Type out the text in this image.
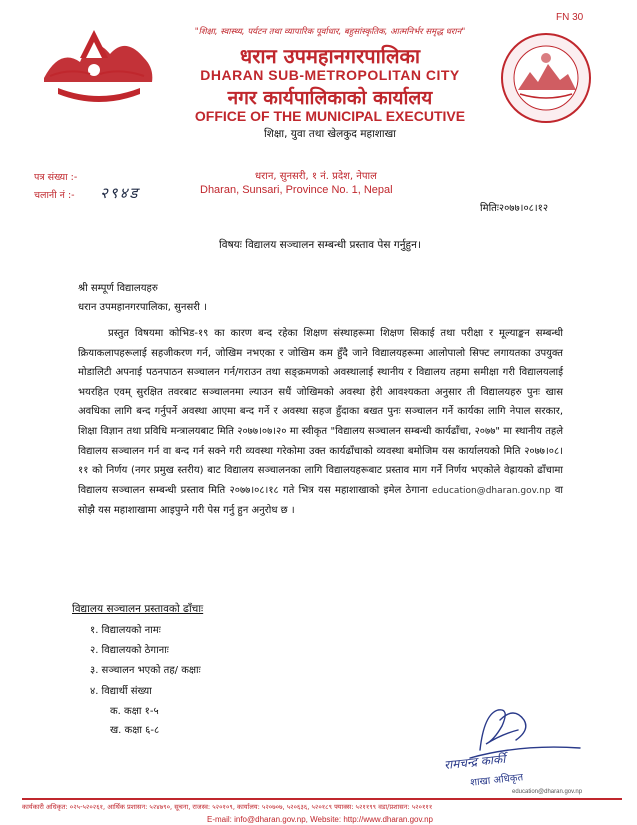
"शिक्षा, स्वास्थ्य, पर्यटन तथा व्यापारिक पूर्वाधार, बहुसांस्कृतिक, आत्मनिर्भर समृद्ध धरान"
धरान उपमहानगरपालिका
DHARAN SUB-METROPOLITAN CITY
नगर कार्यपालिकाको कार्यालय
OFFICE OF THE MUNICIPAL EXECUTIVE
शिक्षा, युवा तथा खेलकुद महाशाखा
FN 30
पत्र संख्या :-
चलानी नं :- २९४ड
धरान, सुनसरी, १ नं. प्रदेश, नेपाल
Dharan, Sunsari, Province No. 1, Nepal
मितिः२०७७।०८।१२
विषयः विद्यालय सञ्चालन सम्बन्धी प्रस्ताव पेस गर्नुहुन।
श्री सम्पूर्ण विद्यालयहरु
धरान उपमहानगरपालिका, सुनसरी ।
प्रस्तुत विषयमा कोभिड-१९ का कारण बन्द रहेका शिक्षण संस्थाहरूमा शिक्षण सिकाई तथा परीक्षा र मूल्याङ्कन सम्बन्धी क्रियाकलापहरूलाई सहजीकरण गर्न, जोखिम नभएका र जोखिम कम हुँदै जाने विद्यालयहरूमा आलोपालो सिफ्ट लगायतका उपयुक्त मोडालिटी अपनाई पठनपाठन सञ्चालन गर्न/गराउन तथा सङ्क्रमणको अवस्थालाई स्थानीय र विद्यालय तहमा समीक्षा गरी विद्यालयलाई भयरहित एवम् सुरक्षित तवरबाट सञ्चालनमा ल्याउन सधैं जोखिमको अवस्था हेरी आवश्यकता अनुसार ती विद्यालयहरु पुनः खास अवधिका लागि बन्द गर्नुपर्ने अवस्था आएमा बन्द गर्ने र अवस्था सहज हुँदाका बखत पुनः सञ्चालन गर्ने कार्यका लागि नेपाल सरकार, शिक्षा विज्ञान तथा प्रविधि मन्त्रालयबाट मिति २०७७।०७।२० मा स्वीकृत "विद्यालय सञ्चालन सम्बन्धी कार्यढाँचा, २०७७" मा स्थानीय तहले विद्यालय सञ्चालन गर्न वा बन्द गर्न सक्ने गरी व्यवस्था गरेकोमा उक्त कार्यढाँचाको व्यवस्था बमोजिम यस कार्यालयको मिति २०७७।०८।११ को निर्णय (नगर प्रमुख स्तरीय) बाट विद्यालय सञ्चालनका लागि विद्यालयहरूबाट प्रस्ताव माग गर्ने निर्णय भएकोले वेह्रायको ढाँचामा विद्यालय सञ्चालन सम्बन्धी प्रस्ताव मिति २०७७।०८।१८ गते भित्र यस महाशाखाको इमेल ठेगाना education@dharan.gov.np वा सोझै यस महाशाखामा आइपुग्ने गरी पेस गर्नु हुन अनुरोध छ ।
विद्यालय सञ्चालन प्रस्तावको ढाँचाः
१. विद्यालयको नामः
२. विद्यालयको ठेगानाः
३. सञ्चालन भएको तह/ कक्षाः
४. विद्यार्थी संख्या
क. कक्षा १-५
ख. कक्षा ६-८
रामचन्द्र कार्की
शाखा अधिकृत
education@dharan.gov.np
कार्यकारी अधिकृत: ०२५-५२०२६१, आर्थिक प्रशासन: ५२४७९०, सूचना, राजस्व: ५२०१०९, कार्यालय: ५२०७०७, ५२०६३६, ५२०१८९ फ्याक्स: ५२११९९ वडा/प्रशासन: ५२०१११
E-mail: info@dharan.gov.np, Website: http://www.dharan.gov.np
